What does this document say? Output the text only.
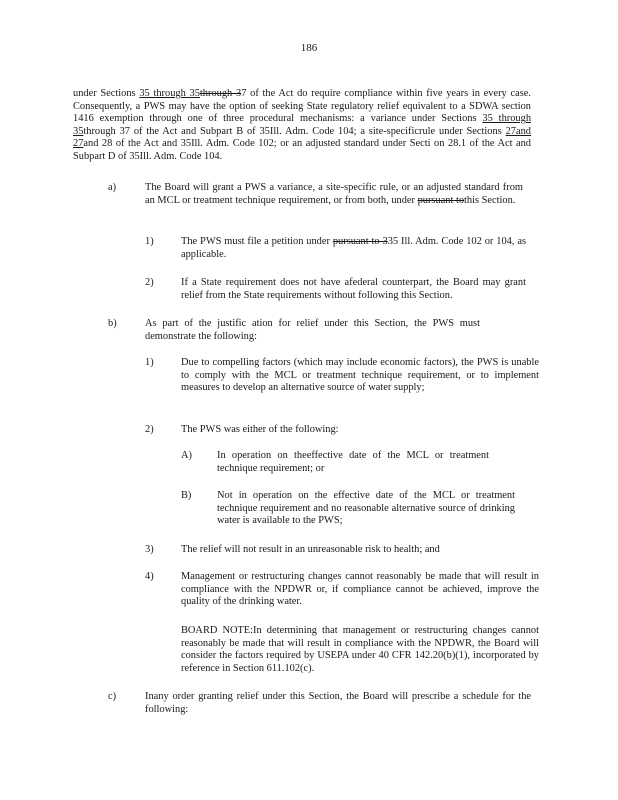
186
under Sections 35 through 35through 37 of the Act do require compliance within five years in every case. Consequently, a PWS may have the option of seeking State regulatory relief equivalent to a SDWA section 1416 exemption through one of three procedural mechanisms: a variance under Sections 35 through 35through 37 of the Act and Subpart B of 35Ill. Adm. Code 104; a site-specificrule under Sections 27and 27and 28 of the Act and 35Ill. Adm. Code 102; or an adjusted standard under Secti on 28.1 of the Act and Subpart D of 35Ill. Adm. Code 104.
a)	The Board will grant a PWS a variance, a site-specific rule, or an adjusted standard from an MCL or treatment technique requirement, or from both, under pursuant tothis Section.
1)	The PWS must file a petition under pursuant to 335 Ill. Adm. Code 102 or 104, as applicable.
2)	If a State requirement does not have afederal counterpart, the Board may grant relief from the State requirements without following this Section.
b)	As part of the justific ation for relief under this Section, the PWS must demonstrate the following:
1)	Due to compelling factors (which may include economic factors), the PWS is unable to comply with the MCL or treatment technique requirement, or to implement measures to develop an alternative source of water supply;
2)	The PWS was either of the following:
A) In operation on theeffective date of the MCL or treatment technique requirement; or
B) Not in operation on the effective date of the MCL or treatment technique requirement and no reasonable alternative source of drinking water is available to the PWS;
3)	The relief will not result in an unreasonable risk to health; and
4)	Management or restructuring changes cannot reasonably be made that will result in compliance with the NPDWR or, if compliance cannot be achieved, improve the quality of the drinking water.
BOARD NOTE:In determining that management or restructuring changes cannot reasonably be made that will result in compliance with the NPDWR, the Board will consider the factors required by USEPA under 40 CFR 142.20(b)(1), incorporated by reference in Section 611.102(c).
c)	Inany order granting relief under this Section, the Board will prescribe a schedule for the following:
